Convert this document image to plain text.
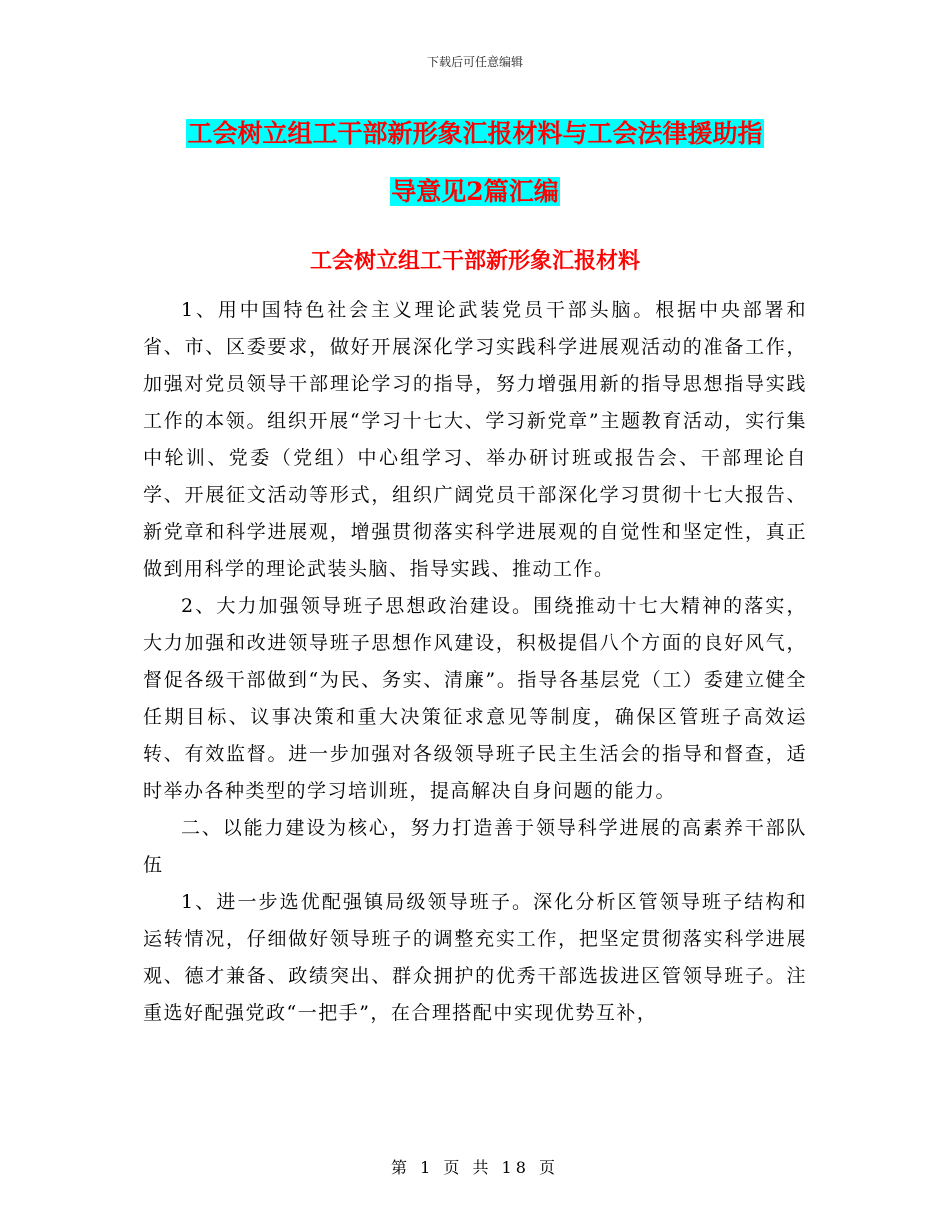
下载后可任意编辑
工会树立组工干部新形象汇报材料与工会法律援助指
导意见2篇汇编
工会树立组工干部新形象汇报材料

1、用中国特色社会主义理论武装党员干部头脑。根据中央部署和省、市、区委要求，做好开展深化学习实践科学进展观活动的准备工作，加强对党员领导干部理论学习的指导，努力增强用新的指导思想指导实践工作的本领。组织开展“学习十七大、学习新党章”主题教育活动，实行集中轮训、党委（党组）中心组学习、举办研讨班或报告会、干部理论自学、开展征文活动等形式，组织广阔党员干部深化学习贯彻十七大报告、新党章和科学进展观，增强贯彻落实科学进展观的自觉性和坚定性，真正做到用科学的理论武装头脑、指导实践、推动工作。

2、大力加强领导班子思想政治建设。围绕推动十七大精神的落实，大力加强和改进领导班子思想作风建设，积极提倡八个方面的良好风气，督促各级干部做到“为民、务实、清廉”。指导各基层党（工）委建立健全任期目标、议事决策和重大决策征求意见等制度，确保区管班子高效运转、有效监督。进一步加强对各级领导班子民主生活会的指导和督查，适时举办各种类型的学习培训班，提高解决自身问题的能力。

二、以能力建设为核心，努力打造善于领导科学进展的高素养干部队伍

1、进一步选优配强镇局级领导班子。深化分析区管领导班子结构和运转情况，仔细做好领导班子的调整充实工作，把坚定贯彻落实科学进展观、德才兼备、政绩突出、群众拥护的优秀干部选拔进区管领导班子。注重选好配强党政“一把手”，在合理搭配中实现优势互补，

第 1 页 共 18 页
